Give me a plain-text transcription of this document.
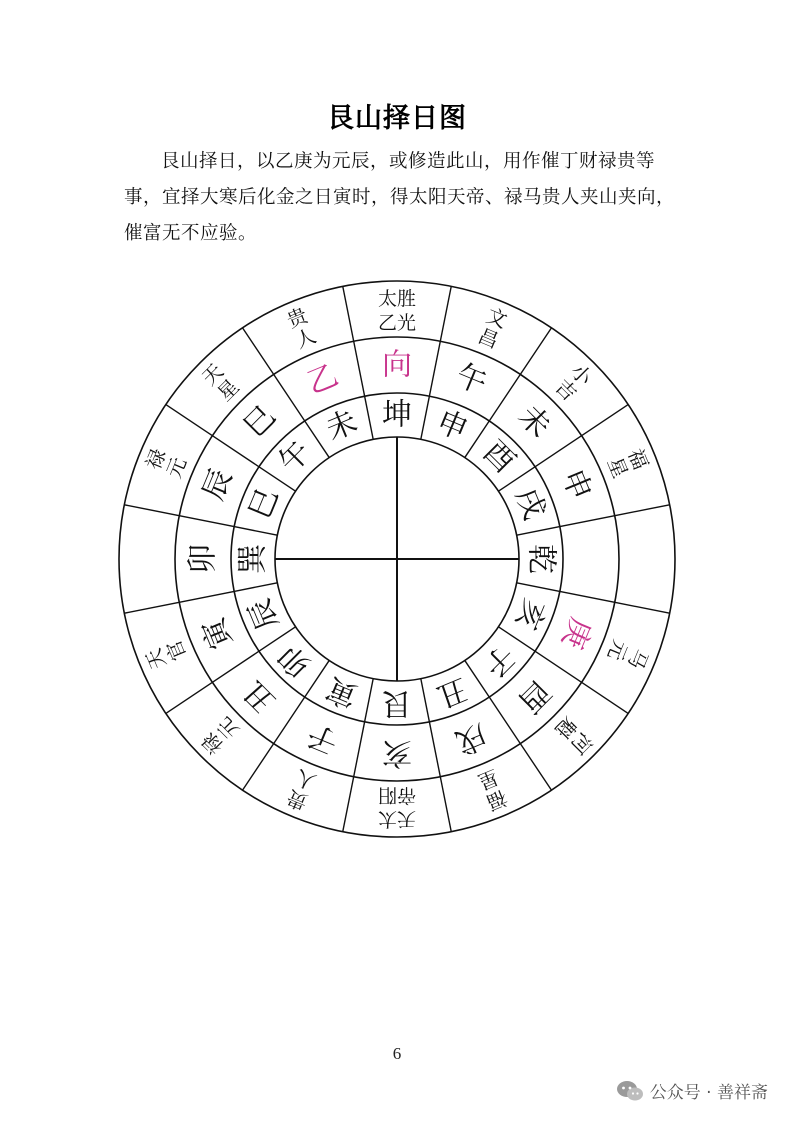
艮山择日图
艮山择日，以乙庚为元辰，或修造此山，用作催丁财禄贵等事，宜择大寒后化金之日寅时，得太阳天帝、禄马贵人夹山夹向，催富无不应验。
坤 申
酉
戌
乾
亥
子
丑
艮
寅
卯
辰
巽
巳
午
未
向 午
未
申
庚
酉
戌
亥
子
丑
寅
卯
辰
巳
乙
太胜乙光	文昌
小吉
福星
马元
河魁
福星
天太帝阳
贵人
禄元
天官
禄元
天星
贵人
6
公众号 · 善祥斋
